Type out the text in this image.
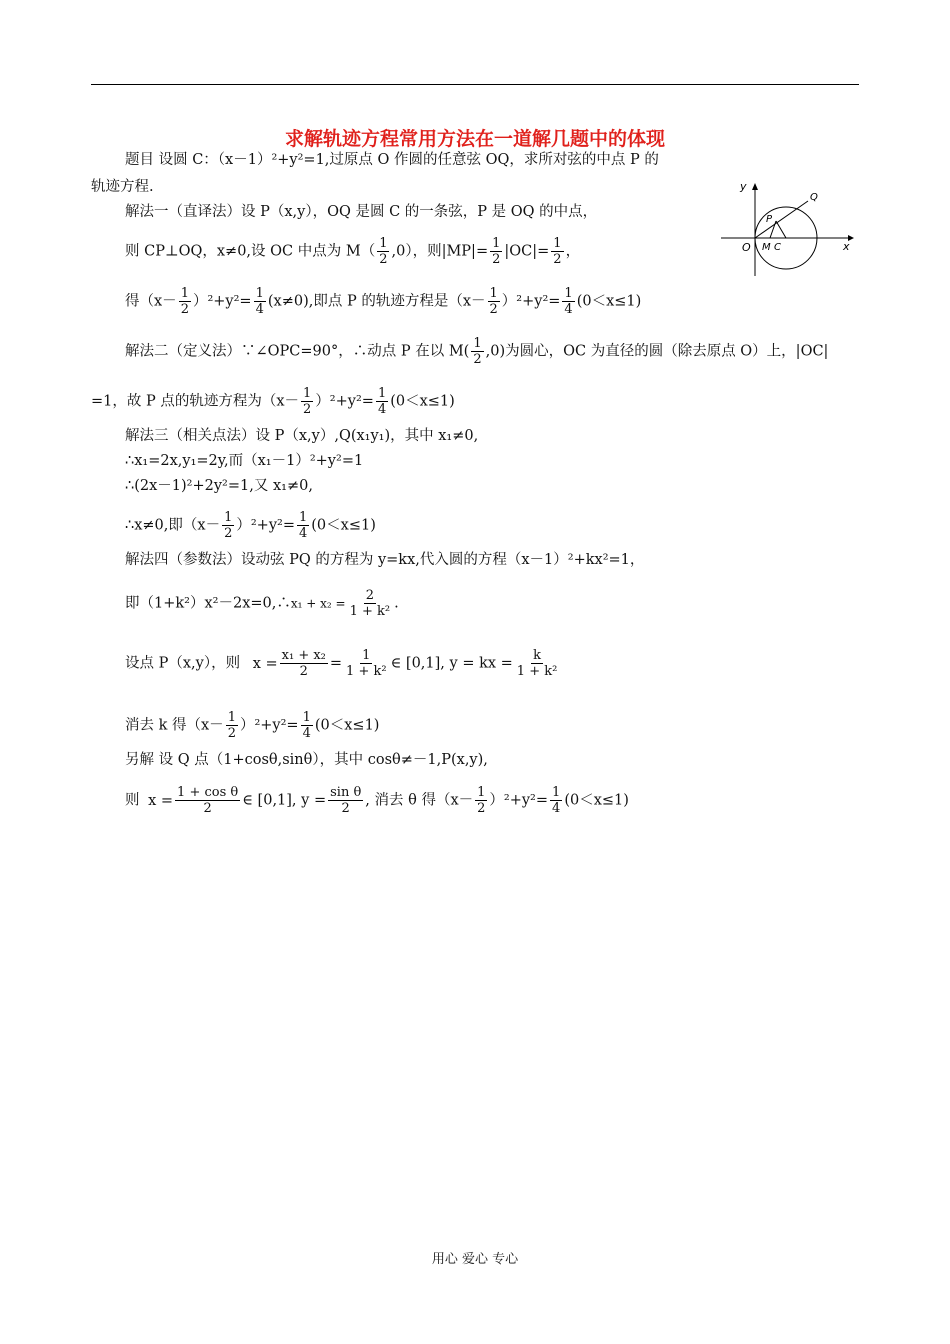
求解轨迹方程常用方法在一道解几题中的体现
题目 设圆 C：（x－1）²+y²=1,过原点 O 作圆的任意弦 OQ，求所对弦的中点 P 的
轨迹方程.
解法一（直译法）设 P（x,y），OQ 是圆 C 的一条弦，P 是 OQ 的中点，
则 CP⊥OQ，x≠0,设 OC 中点为 $M( \frac{1}{2} ,0)$，则$|MP|= \frac{1}{2} |OC|= \frac{1}{2}$ ，
得$(x- \frac{1}{2} )^2+y^2= \frac{1}{4} (x\ne 0)$,即点 P 的轨迹方程是$(x- \frac{1}{2} )^2+y^2= \frac{1}{4} (0<x\le 1)$
解法二（定义法）∵∠OPC=90°，∴动点 P 在以 $M( \frac{1}{2} ,0)$为圆心，OC 为直径的圆（除去原点 O）上，|OC|
=1，故 P 点的轨迹方程为$(x- \frac{1}{2} )^2+y^2= \frac{1}{4} (0<x\le 1)$
解法三（相关点法）设 P（x,y）,Q(x₁y₁)，其中 x₁≠0,
∴x₁=2x,y₁=2y,而（x₁－1）²+y²=1
∴(2x－1)²+2y²=1,又 x₁≠0,
∴x≠0,即$(x- \frac{1}{2} )^2+y^2= \frac{1}{4} (0<x\le 1)$
解法四（参数法）设动弦 PQ 的方程为 y=kx,代入圆的方程（x－1）²+kx²=1，
即（1+k²）x²－2x=0,∴x₁ + $x_2 = \frac{2}{\text{1 + k²}}$ .
设点 P（x,y），则 $x = \frac{\text{x₁ + x₂}}{2} = \frac{1}{\text{1 + k²}}$ ∈ [0,1], y = kx = $\frac{k}{\text{1 + k²}}$
消去 k 得$(x- \frac{1}{2} )^2+y^2= \frac{1}{4} (0<x\le 1)$
另解 设 Q 点（1+cosθ,sinθ），其中 cosθ≠－1,P(x,y),
则 $x = \frac{\text{1 + cos θ}}{2}$ ∈ [0,1], $y = \frac{\text{sin θ}}{2}$ , 消去 θ 得$(x- \frac{1}{2} )^2+y^2= \frac{1}{4} (0<x\le 1)$
y
x
O M C
P
Q
用心 爱心 专心
